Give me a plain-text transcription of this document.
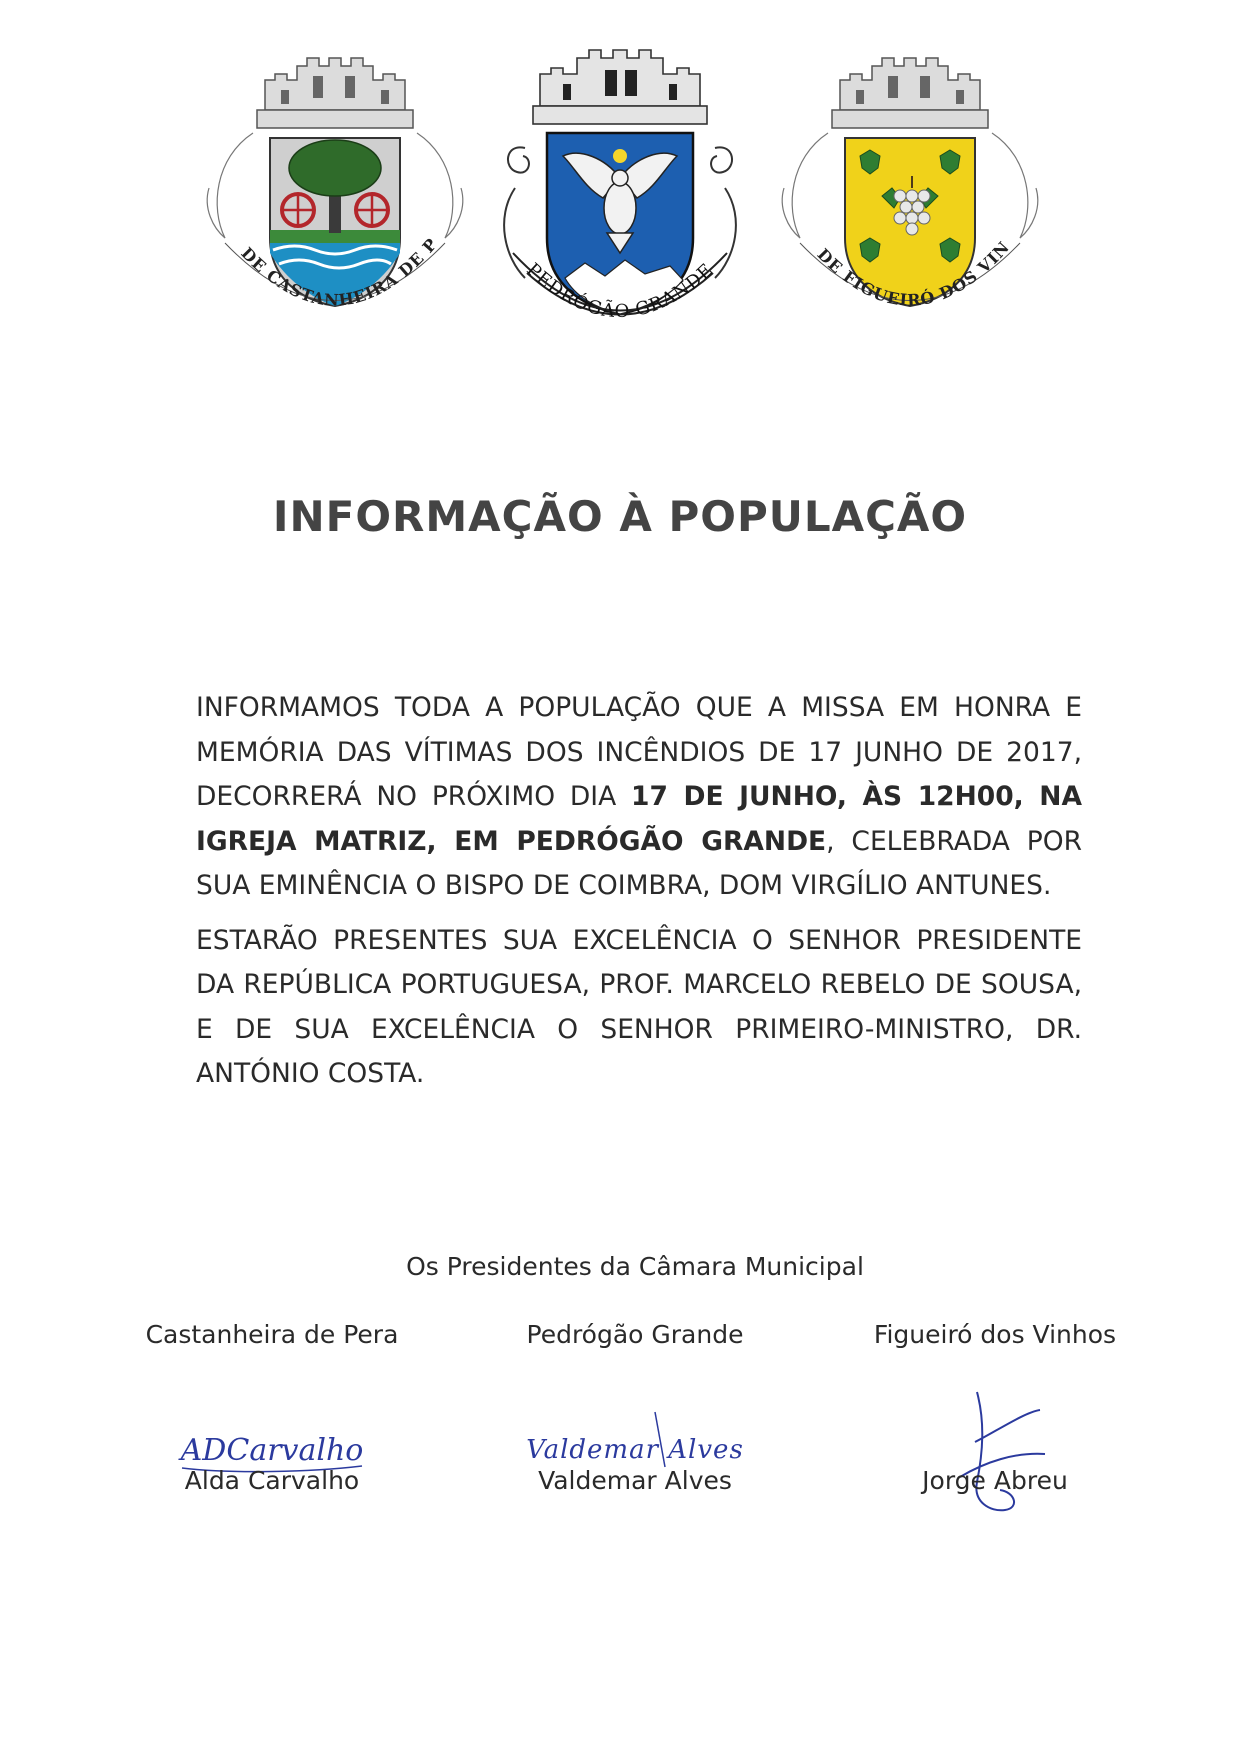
VILA DE CASTANHEIRA DE PÊRA
PEDRÓGÃO GRANDE
VILA DE FIGUEIRÓ DOS VINHOS
INFORMAÇÃO À POPULAÇÃO

INFORMAMOS TODA A POPULAÇÃO QUE A MISSA EM HONRA E MEMÓRIA DAS VÍTIMAS DOS INCÊNDIOS DE 17 JUNHO DE 2017, DECORRERÁ NO PRÓXIMO DIA 17 DE JUNHO, ÀS 12H00, NA IGREJA MATRIZ, EM PEDRÓGÃO GRANDE, CELEBRADA POR SUA EMINÊNCIA O BISPO DE COIMBRA, DOM VIRGÍLIO ANTUNES.

ESTARÃO PRESENTES SUA EXCELÊNCIA O SENHOR PRESIDENTE DA REPÚBLICA PORTUGUESA, PROF. MARCELO REBELO DE SOUSA, E DE SUA EXCELÊNCIA O SENHOR PRIMEIRO-MINISTRO, DR. ANTÓNIO COSTA.

Os Presidentes da Câmara Municipal
Castanheira de Pera
ADCarvalho
Alda Carvalho
Pedrógão Grande
Valdemar Alves
Valdemar Alves
Figueiró dos Vinhos
Jorge Abreu
